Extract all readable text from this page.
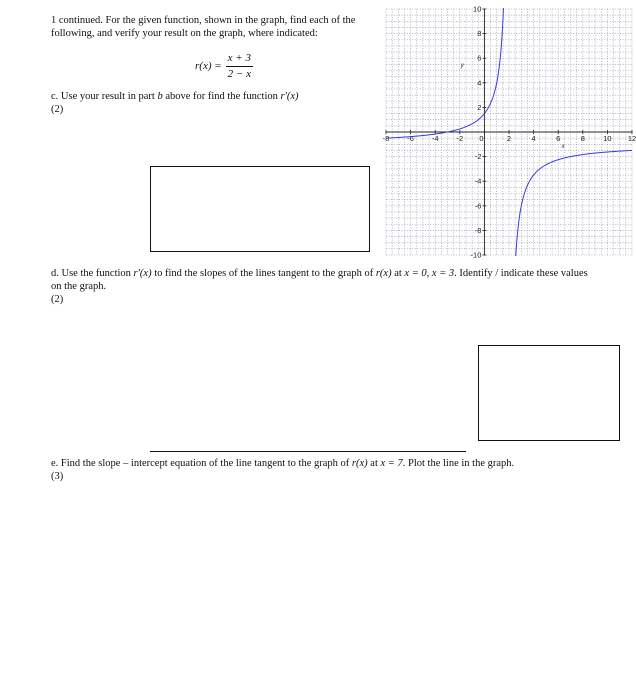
1 continued. For the given function, shown in the graph, find each of the following, and verify your result on the graph, where indicated:
$r(x) = \frac{x + 3}{2 - x}$
c. Use your result in part b above for find the function r′(x)
(2)
d. Use the function r′(x) to find the slopes of the lines tangent to the graph of r(x) at x = 0, x = 3. Identify / indicate these values on the graph.
(2)
e. Find the slope – intercept equation of the line tangent to the graph of r(x) at x = 7. Plot the line in the graph.
(3)
-8 -6 -4 -2 0	2	4	6	8 10 12
-10
-8
-6
-4
-2
2
4
6
8
10
x
y
